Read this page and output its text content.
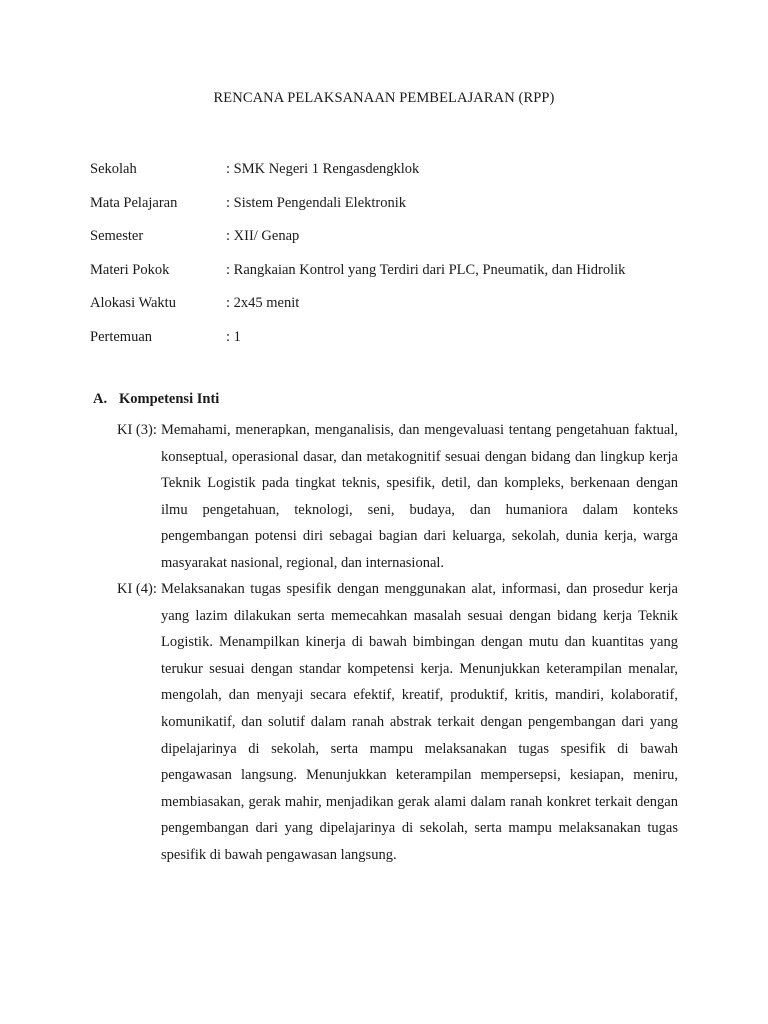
RENCANA PELAKSANAAN PEMBELAJARAN (RPP)
Sekolah	: SMK Negeri 1 Rengasdengklok
Mata Pelajaran	: Sistem Pengendali Elektronik
Semester	: XII/ Genap
Materi Pokok	: Rangkaian Kontrol yang Terdiri dari PLC, Pneumatik, dan Hidrolik
Alokasi Waktu	: 2x45 menit
Pertemuan	: 1
A. Kompetensi Inti
KI (3): Memahami, menerapkan, menganalisis, dan mengevaluasi tentang pengetahuan faktual, konseptual, operasional dasar, dan metakognitif sesuai dengan bidang dan lingkup kerja Teknik Logistik pada tingkat teknis, spesifik, detil, dan kompleks, berkenaan dengan ilmu pengetahuan, teknologi, seni, budaya, dan humaniora dalam konteks pengembangan potensi diri sebagai bagian dari keluarga, sekolah, dunia kerja, warga masyarakat nasional, regional, dan internasional.
KI (4): Melaksanakan tugas spesifik dengan menggunakan alat, informasi, dan prosedur kerja yang lazim dilakukan serta memecahkan masalah sesuai dengan bidang kerja Teknik Logistik. Menampilkan kinerja di bawah bimbingan dengan mutu dan kuantitas yang terukur sesuai dengan standar kompetensi kerja. Menunjukkan keterampilan menalar, mengolah, dan menyaji secara efektif, kreatif, produktif, kritis, mandiri, kolaboratif, komunikatif, dan solutif dalam ranah abstrak terkait dengan pengembangan dari yang dipelajarinya di sekolah, serta mampu melaksanakan tugas spesifik di bawah pengawasan langsung. Menunjukkan keterampilan mempersepsi, kesiapan, meniru, membiasakan, gerak mahir, menjadikan gerak alami dalam ranah konkret terkait dengan pengembangan dari yang dipelajarinya di sekolah, serta mampu melaksanakan tugas spesifik di bawah pengawasan langsung.
